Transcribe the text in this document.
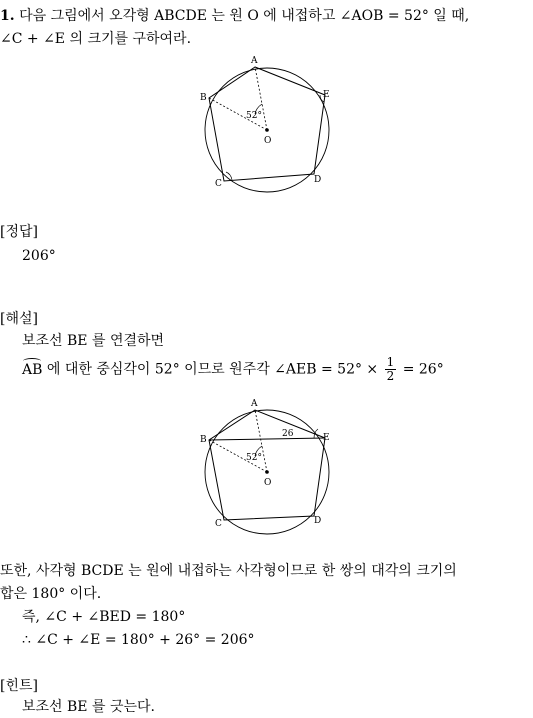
1. 다음 그림에서 오각형 ABCDE 는 원 O 에 내접하고 ∠AOB = 52° 일 때,
∠C + ∠E 의 크기를 구하여라.
A
B
C	D
E
O
52°
[정답]
206°
[해설]
보조선 BE 를 연결하면
AB 에 대한 중심각이 52° 이므로 원주각 ∠AEB = $52^\circ \times \frac{1}{2} = 26^\circ$
A
B
C	D
E
O
52°
26
또한, 사각형 BCDE 는 원에 내접하는 사각형이므로 한 쌍의 대각의 크기의
합은 180° 이다.
즉, ∠C + ∠BED = 180°
∴ ∠C + ∠E = 180° + 26° = 206°
[힌트]
보조선 BE 를 긋는다.
